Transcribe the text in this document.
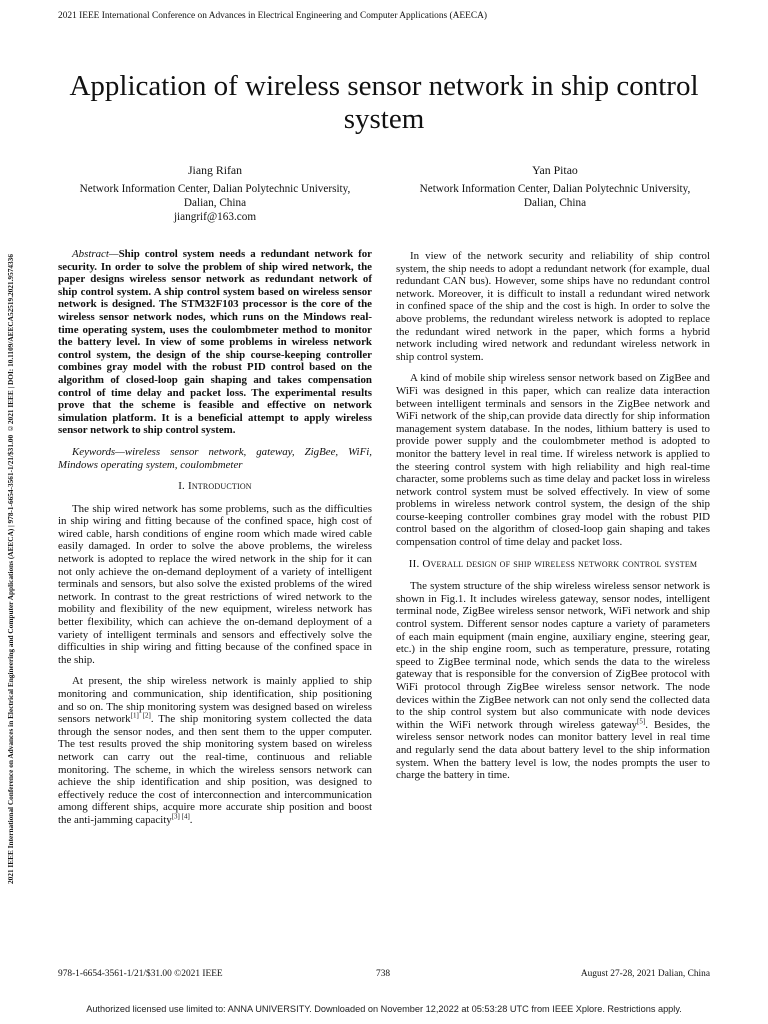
2021 IEEE International Conference on Advances in Electrical Engineering and Computer Applications (AEECA)
Application of wireless sensor network in ship control system
Jiang Rifan
Network Information Center, Dalian Polytechnic University,
Dalian, China
jiangrif@163.com
Yan Pitao
Network Information Center, Dalian Polytechnic University,
Dalian, China
2021 IEEE International Conference on Advances in Electrical Engineering and Computer Applications (AEECA) | 978-1-6654-3561-1/21/$31.00 ©2021 IEEE | DOI: 10.1109/AEECA52519.2021.9574336

Abstract—Ship control system needs a redundant network for security. In order to solve the problem of ship wired network, the paper designs wireless sensor network as redundant network of ship control system. A ship control system based on wireless sensor network is designed. The STM32F103 processor is the core of the wireless sensor network nodes, which runs on the Mindows real-time operating system, uses the coulombmeter method to monitor the battery level. In view of some problems in wireless network control system, the design of the ship course-keeping controller combines gray model with the robust PID control based on the algorithm of closed-loop gain shaping and takes compensation control of time delay and packet loss. The experimental results prove that the scheme is feasible and effective on network simulation platform. It is a beneficial attempt to apply wireless sensor network to ship control system.

Keywords—wireless sensor network, gateway, ZigBee, WiFi, Mindows operating system, coulombmeter

I. Introduction

The ship wired network has some problems, such as the difficulties in ship wiring and fitting because of the confined space, high cost of wired cable, harsh conditions of engine room which made wired cable easily damaged. In order to solve the above problems, the wireless network is adopted to replace the wired network in the ship for it can not only achieve the on-demand deployment of a variety of intelligent terminals and sensors, but also solve the existed problems of the wired network. In contrast to the great restrictions of wired network to the mobility and flexibility of the new equipment, wireless network has better flexibility, which can achieve the on-demand deployment of a variety of intelligent terminals and sensors and effectively solve the difficulties in ship wiring and fitting because of the confined space in the ship.

At present, the ship wireless network is mainly applied to ship monitoring and communication, ship identification, ship positioning and so on. The ship monitoring system was designed based on wireless sensors network[1] [2]. The ship monitoring system collected the data through the sensor nodes, and then sent them to the upper computer. The test results proved the ship monitoring system based on wireless network can carry out the real-time, continuous and reliable monitoring. The scheme, in which the wireless sensors network can achieve the ship identification and ship position, was designed to effectively reduce the cost of interconnection and intercommunication among different ships, acquire more accurate ship position and boost the anti-jamming capacity[3] [4].

In view of the network security and reliability of ship control system, the ship needs to adopt a redundant network (for example, dual redundant CAN bus). However, some ships have no redundant control network. Moreover, it is difficult to install a redundant wired network in confined space of the ship and the cost is high. In order to solve the above problems, the redundant wireless network is adopted to replace the redundant wired network in the paper, which forms a hybrid network including wired network and redundant wireless network in ship control system.

A kind of mobile ship wireless sensor network based on ZigBee and WiFi was designed in this paper, which can realize data interaction between intelligent terminals and sensors in the ZigBee network and WiFi network of the ship,can provide data directly for ship information management system database. In the nodes, lithium battery is used to provide power supply and the coulombmeter method is adopted to monitor the battery level in real time. If wireless network is applied to the steering control system with high reliability and high real-time character, some problems such as time delay and packet loss in wireless network control system must be solved effectively. In view of some problems in wireless network control system, the design of the ship course-keeping controller combines gray model with the robust PID control based on the algorithm of closed-loop gain shaping and takes compensation control of time delay and packet loss.

II. Overall design of ship wireless network control system

The system structure of the ship wireless wireless sensor network is shown in Fig.1. It includes wireless gateway, sensor nodes, intelligent terminal node, ZigBee wireless sensor network, WiFi network and ship control system. Different sensor nodes capture a variety of parameters of each main equipment (main engine, auxiliary engine, steering gear, etc.) in the ship engine room, such as temperature, pressure, rotating speed to ZigBee terminal node, which sends the data to the wireless gateway that is responsible for the conversion of ZigBee protocol with WiFi protocol through ZigBee wireless sensor network. The node devices within the ZigBee network can not only send the collected data to the ship control system but also communicate with node devices within the WiFi network through wireless gateway[5]. Besides, the wireless sensor network nodes can monitor battery level in real time and regularly send the data about battery level to the ship information system. When the battery level is low, the nodes prompts the user to charge the battery in time.

978-1-6654-3561-1/21/$31.00 ©2021 IEEE	738	August 27-28, 2021 Dalian, China
Authorized licensed use limited to: ANNA UNIVERSITY. Downloaded on November 12,2022 at 05:53:28 UTC from IEEE Xplore. Restrictions apply.
